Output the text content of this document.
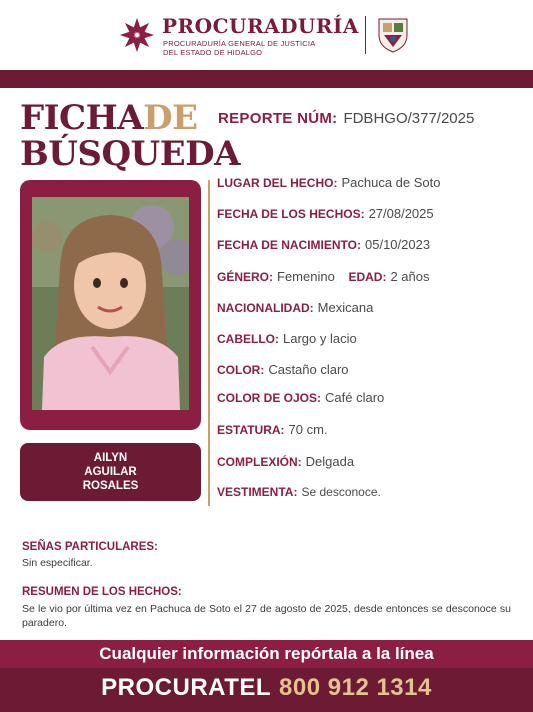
PROCURADURÍA
PROCURADURÍA GENERAL DE JUSTICIA
DEL ESTADO DE HIDALGO
FICHADE
BÚSQUEDA
REPORTE NÚM: FDBHGO/377/2025
AILYN
AGUILAR
ROSALES
LUGAR DEL HECHO: Pachuca de Soto
FECHA DE LOS HECHOS: 27/08/2025
FECHA DE NACIMIENTO: 05/10/2023
GÉNERO: Femenino EDAD: 2 años
NACIONALIDAD: Mexicana
CABELLO: Largo y lacio
COLOR: Castaño claro
COLOR DE OJOS: Café claro
ESTATURA: 70 cm.
COMPLEXIÓN: Delgada
VESTIMENTA: Se desconoce.
SEÑAS PARTICULARES:
Sin especificar.
RESUMEN DE LOS HECHOS:
Se le vio por última vez en Pachuca de Soto el 27 de agosto de 2025, desde entonces se desconoce su paradero.
Cualquier información repórtala a la línea
PROCURATEL 800 912 1314
